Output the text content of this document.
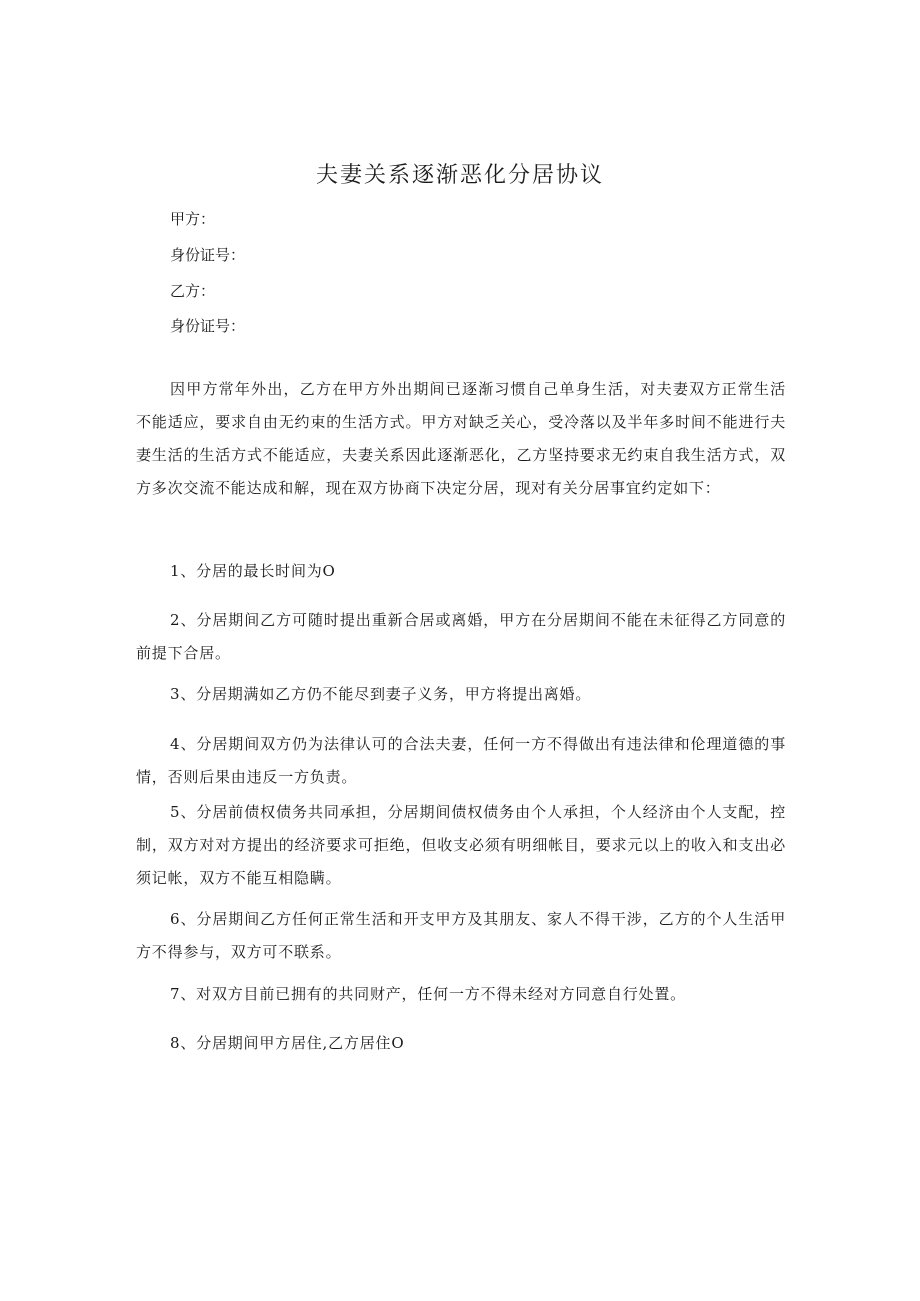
夫妻关系逐渐恶化分居协议

甲方：

身份证号：

乙方：

身份证号：

因甲方常年外出，乙方在甲方外出期间已逐渐习惯自己单身生活，对夫妻双方正常生活不能适应，要求自由无约束的生活方式。甲方对缺乏关心，受冷落以及半年多时间不能进行夫妻生活的生活方式不能适应，夫妻关系因此逐渐恶化，乙方坚持要求无约束自我生活方式，双方多次交流不能达成和解，现在双方协商下决定分居，现对有关分居事宜约定如下：

1、分居的最长时间为O

2、分居期间乙方可随时提出重新合居或离婚，甲方在分居期间不能在未征得乙方同意的前提下合居。

3、分居期满如乙方仍不能尽到妻子义务，甲方将提出离婚。

4、分居期间双方仍为法律认可的合法夫妻，任何一方不得做出有违法律和伦理道德的事情，否则后果由违反一方负责。

5、分居前债权债务共同承担，分居期间债权债务由个人承担，个人经济由个人支配，控制，双方对对方提出的经济要求可拒绝，但收支必须有明细帐目，要求元以上的收入和支出必须记帐，双方不能互相隐瞒。

6、分居期间乙方任何正常生活和开支甲方及其朋友、家人不得干涉，乙方的个人生活甲方不得参与，双方可不联系。

7、对双方目前已拥有的共同财产，任何一方不得未经对方同意自行处置。

8、分居期间甲方居住,乙方居住O
